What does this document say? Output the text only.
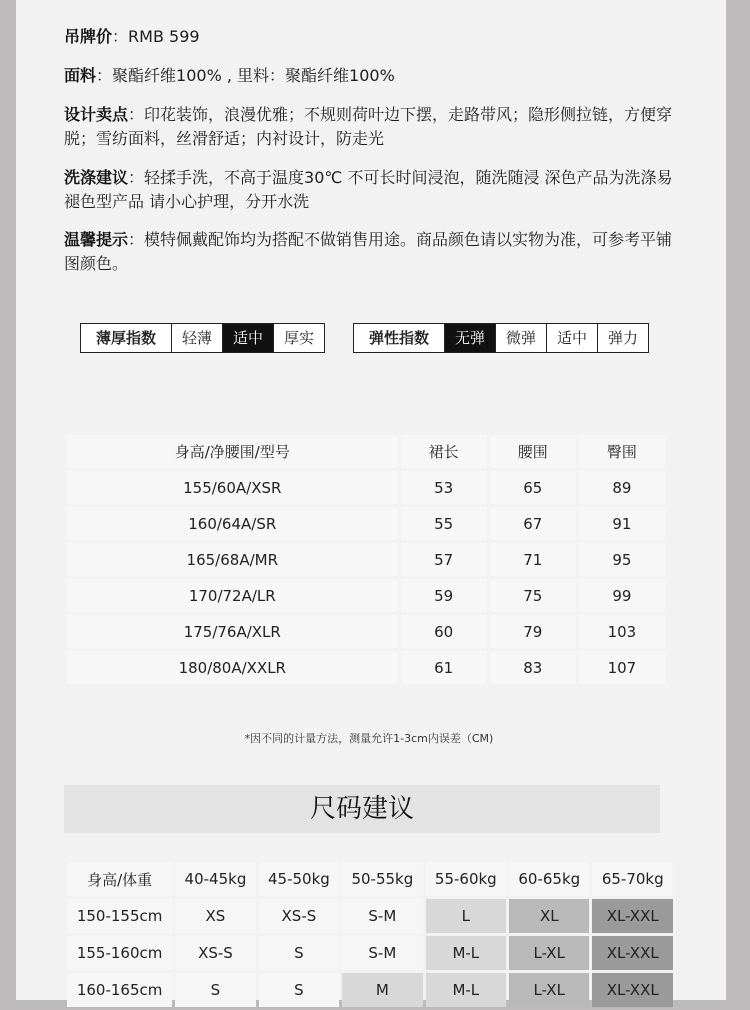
吊牌价：RMB 599
面料：聚酯纤维100% , 里料：聚酯纤维100%
设计卖点：印花装饰，浪漫优雅；不规则荷叶边下摆，走路带风；隐形侧拉链，方便穿脱；雪纺面料，丝滑舒适；内衬设计，防走光
洗涤建议：轻揉手洗，不高于温度30℃ 不可长时间浸泡，随洗随浸 深色产品为洗涤易褪色型产品 请小心护理，分开水洗
温馨提示：模特佩戴配饰均为搭配不做销售用途。商品颜色请以实物为准，可参考平铺图颜色。
薄厚指数	轻薄	适中	厚实	弹性指数	无弹	微弹	适中	弹力
身高/净腰围/型号	裙长	腰围	臀围
155/60A/XSR	53	65	89
160/64A/SR	55	67	91
165/68A/MR	57	71	95
170/72A/LR	59	75	99
175/76A/XLR	60	79	103
180/80A/XXLR	61	83	107
*因不同的计量方法，测量允许1-3cm内误差（CM)
尺码建议
身高/体重	40-45kg	45-50kg	50-55kg	55-60kg	60-65kg	65-70kg
150-155cm	XS	XS-S	S-M	L	XL	XL-XXL
155-160cm	XS-S	S	S-M	M-L	L-XL	XL-XXL
160-165cm	S	S	M	M-L	L-XL	XL-XXL
